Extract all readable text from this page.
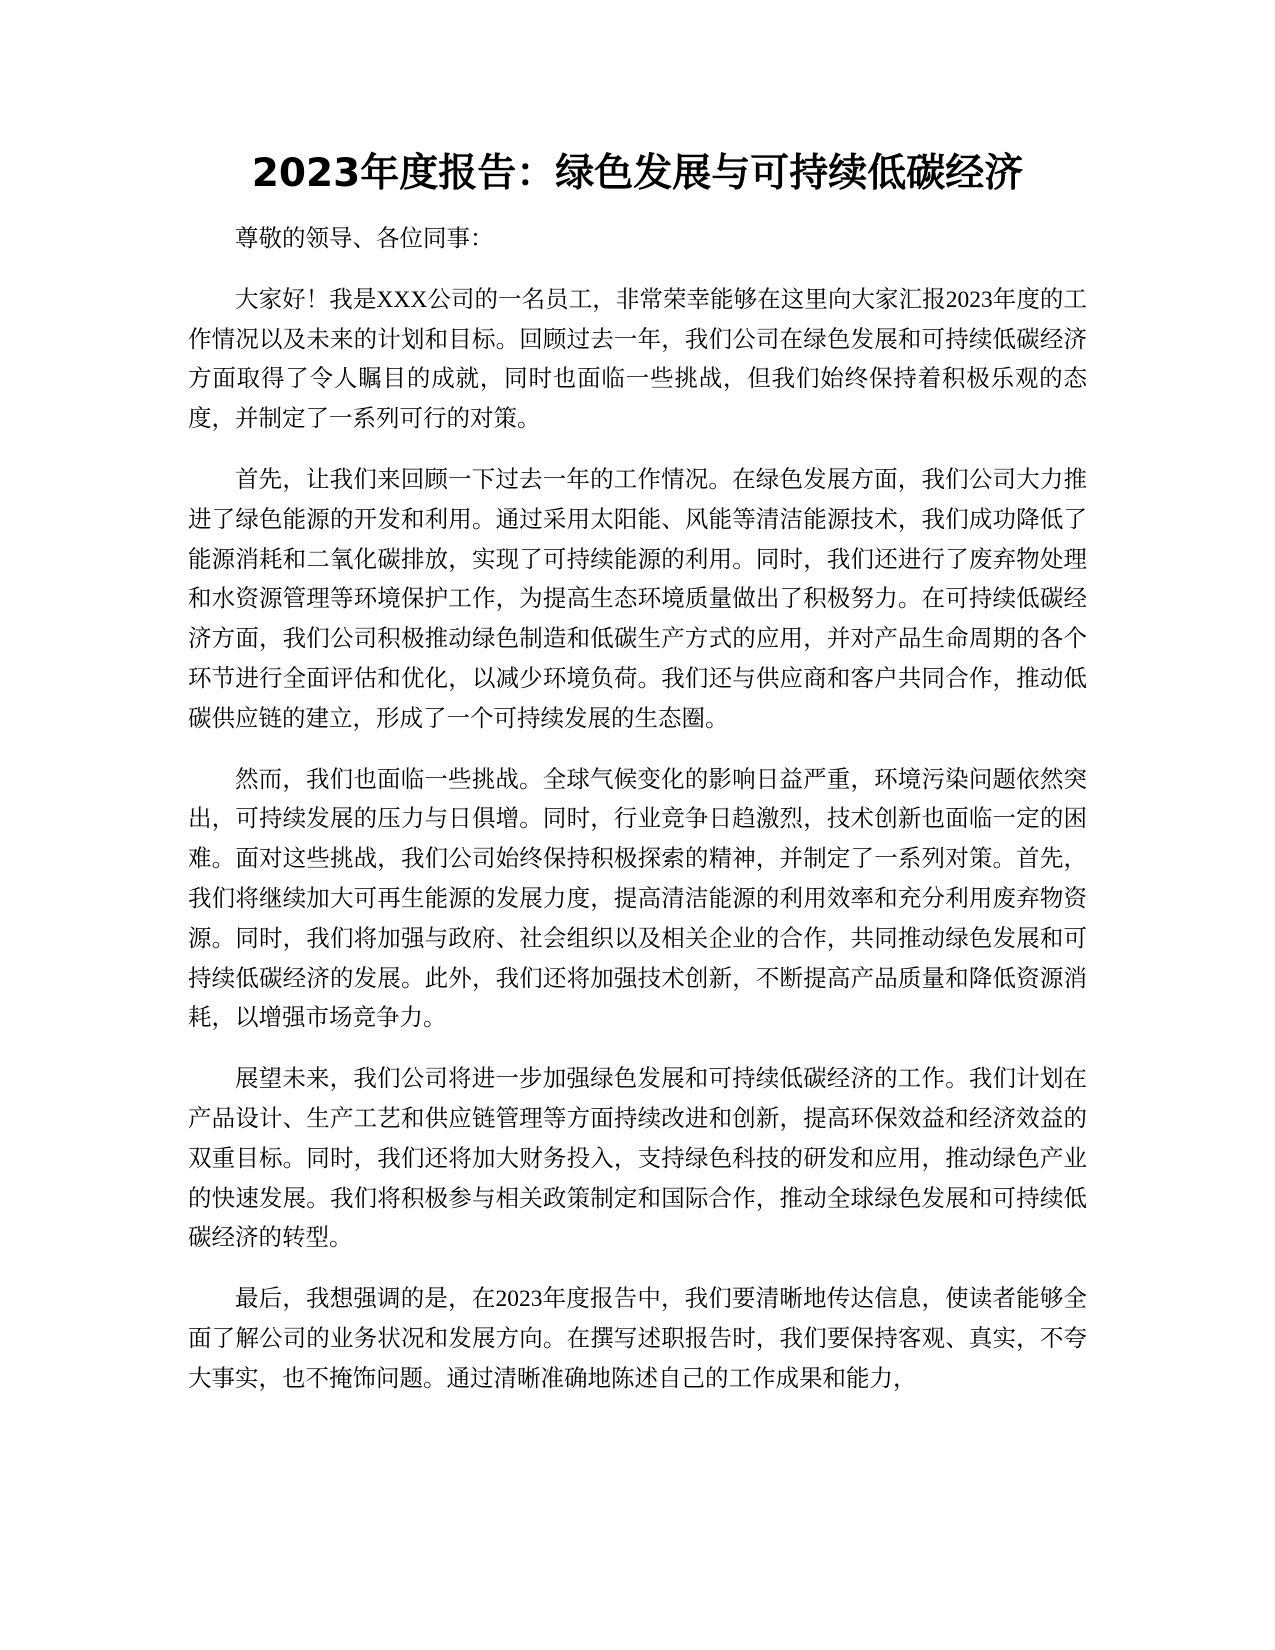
2023年度报告：绿色发展与可持续低碳经济

尊敬的领导、各位同事：

大家好！我是XXX公司的一名员工，非常荣幸能够在这里向大家汇报2023年度的工作情况以及未来的计划和目标。回顾过去一年，我们公司在绿色发展和可持续低碳经济方面取得了令人瞩目的成就，同时也面临一些挑战，但我们始终保持着积极乐观的态度，并制定了一系列可行的对策。

首先，让我们来回顾一下过去一年的工作情况。在绿色发展方面，我们公司大力推进了绿色能源的开发和利用。通过采用太阳能、风能等清洁能源技术，我们成功降低了能源消耗和二氧化碳排放，实现了可持续能源的利用。同时，我们还进行了废弃物处理和水资源管理等环境保护工作，为提高生态环境质量做出了积极努力。在可持续低碳经济方面，我们公司积极推动绿色制造和低碳生产方式的应用，并对产品生命周期的各个环节进行全面评估和优化，以减少环境负荷。我们还与供应商和客户共同合作，推动低碳供应链的建立，形成了一个可持续发展的生态圈。

然而，我们也面临一些挑战。全球气候变化的影响日益严重，环境污染问题依然突出，可持续发展的压力与日俱增。同时，行业竞争日趋激烈，技术创新也面临一定的困难。面对这些挑战，我们公司始终保持积极探索的精神，并制定了一系列对策。首先，我们将继续加大可再生能源的发展力度，提高清洁能源的利用效率和充分利用废弃物资源。同时，我们将加强与政府、社会组织以及相关企业的合作，共同推动绿色发展和可持续低碳经济的发展。此外，我们还将加强技术创新，不断提高产品质量和降低资源消耗，以增强市场竞争力。

展望未来，我们公司将进一步加强绿色发展和可持续低碳经济的工作。我们计划在产品设计、生产工艺和供应链管理等方面持续改进和创新，提高环保效益和经济效益的双重目标。同时，我们还将加大财务投入，支持绿色科技的研发和应用，推动绿色产业的快速发展。我们将积极参与相关政策制定和国际合作，推动全球绿色发展和可持续低碳经济的转型。

最后，我想强调的是，在2023年度报告中，我们要清晰地传达信息，使读者能够全面了解公司的业务状况和发展方向。在撰写述职报告时，我们要保持客观、真实，不夸大事实，也不掩饰问题。通过清晰准确地陈述自己的工作成果和能力，
